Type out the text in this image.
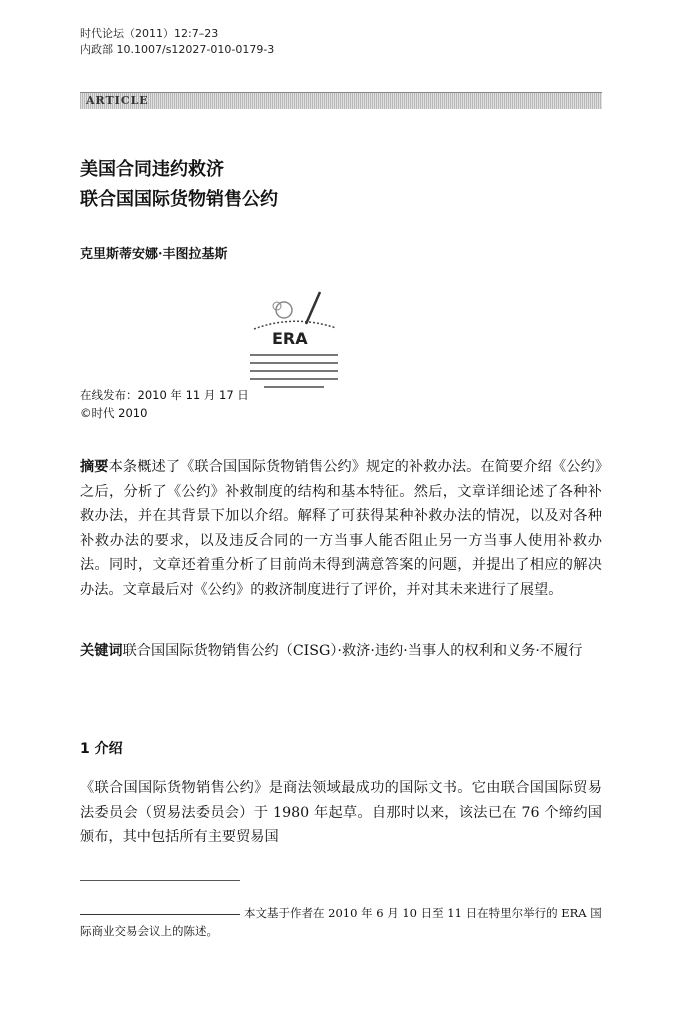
时代论坛（2011）12:7–23
内政部 10.1007/s12027-010-0179-3
ARTICLE
美国合同违约救济
联合国国际货物销售公约
克里斯蒂安娜·丰图拉基斯
ERA
在线发布：2010 年 11 月 17 日
©时代 2010
摘要本条概述了《联合国国际货物销售公约》规定的补救办法。在简要介绍《公约》之后，分析了《公约》补救制度的结构和基本特征。然后，文章详细论述了各种补救办法，并在其背景下加以介绍。解释了可获得某种补救办法的情况，以及对各种补救办法的要求，以及违反合同的一方当事人能否阻止另一方当事人使用补救办法。同时，文章还着重分析了目前尚未得到满意答案的问题，并提出了相应的解决办法。文章最后对《公约》的救济制度进行了评价，并对其未来进行了展望。
关键词联合国国际货物销售公约（CISG）·救济·违约·当事人的权利和义务·不履行
1 介绍
《联合国国际货物销售公约》是商法领域最成功的国际文书。它由联合国国际贸易法委员会（贸易法委员会）于 1980 年起草。自那时以来，该法已在 76 个缔约国颁布，其中包括所有主要贸易国
本文基于作者在 2010 年 6 月 10 日至 11 日在特里尔举行的 ERA 国际商业交易会议上的陈述。
